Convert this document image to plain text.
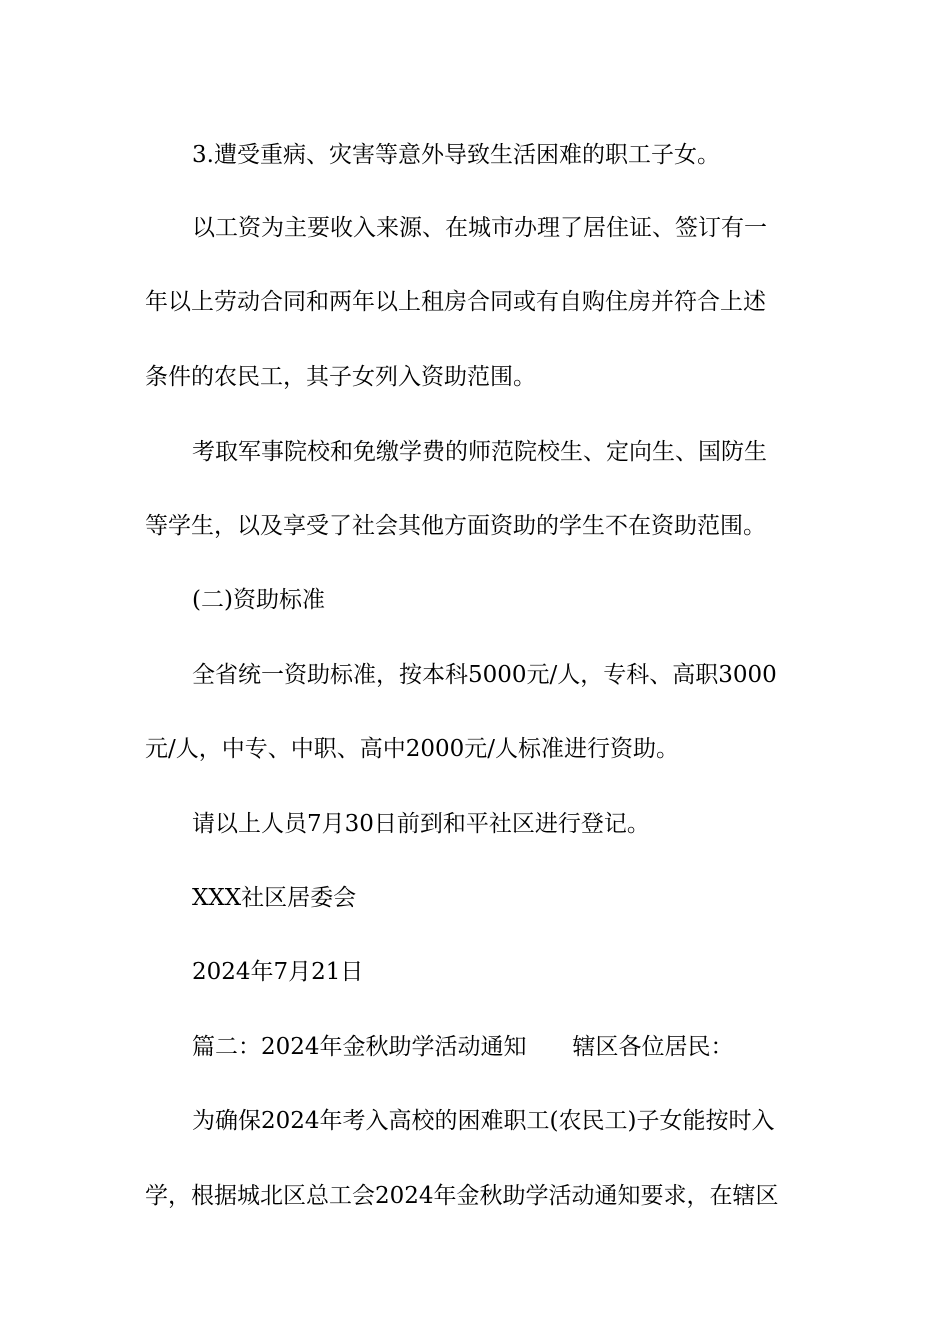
3.遭受重病、灾害等意外导致生活困难的职工子女。
以工资为主要收入来源、在城市办理了居住证、签订有一
年以上劳动合同和两年以上租房合同或有自购住房并符合上述
条件的农民工，其子女列入资助范围。
考取军事院校和免缴学费的师范院校生、定向生、国防生
等学生，以及享受了社会其他方面资助的学生不在资助范围。
(二)资助标准
全省统一资助标准，按本科5000元/人，专科、高职3000
元/人，中专、中职、高中2000元/人标准进行资助。
请以上人员7月30日前到和平社区进行登记。
XXX社区居委会
2024年7月21日
篇二：2024年金秋助学活动通知 辖区各位居民：
为确保2024年考入高校的困难职工(农民工)子女能按时入
学，根据城北区总工会2024年金秋助学活动通知要求，在辖区
